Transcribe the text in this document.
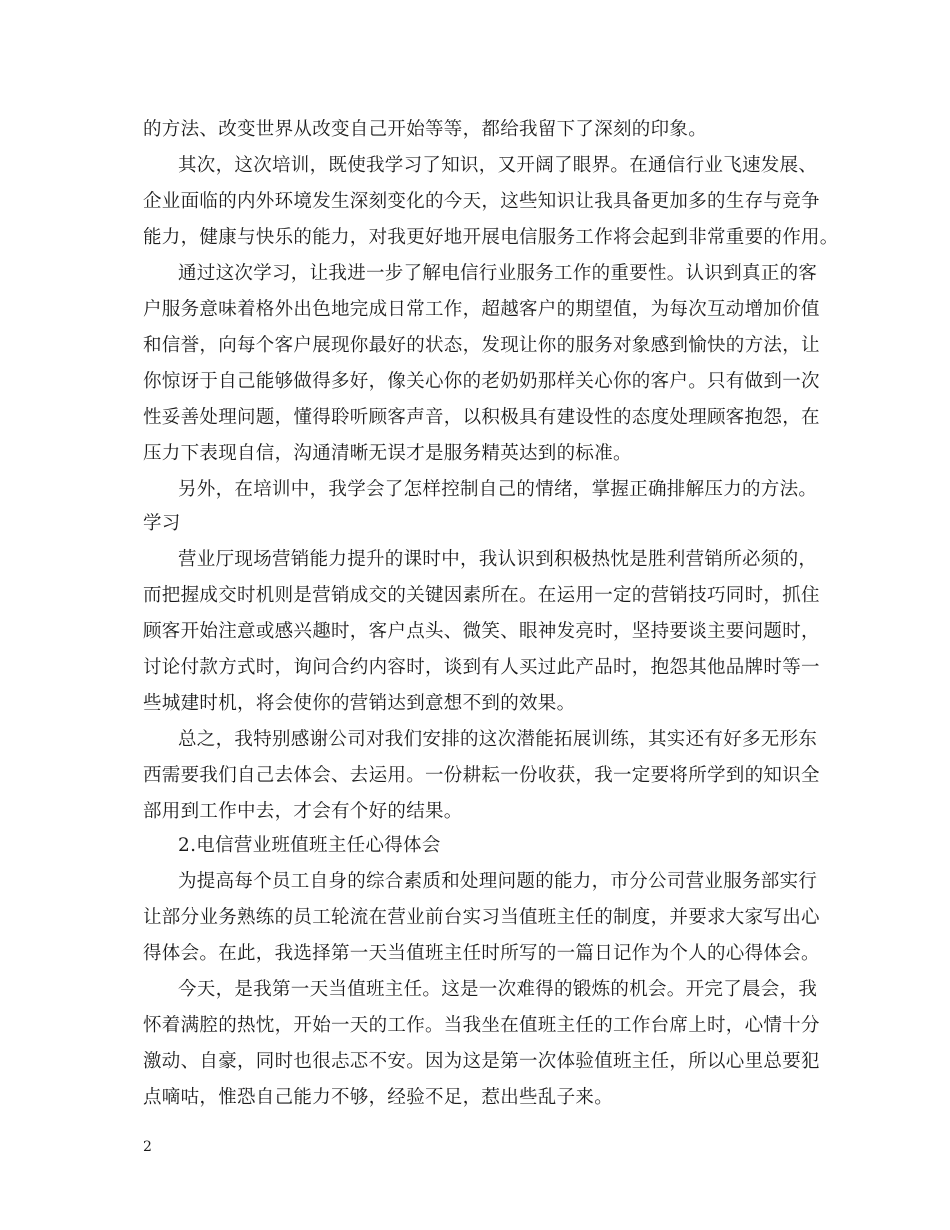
的方法、改变世界从改变自己开始等等，都给我留下了深刻的印象。
其次，这次培训，既使我学习了知识，又开阔了眼界。在通信行业飞速发展、
企业面临的内外环境发生深刻变化的今天，这些知识让我具备更加多的生存与竞争
能力，健康与快乐的能力，对我更好地开展电信服务工作将会起到非常重要的作用。
通过这次学习，让我进一步了解电信行业服务工作的重要性。认识到真正的客
户服务意味着格外出色地完成日常工作，超越客户的期望值，为每次互动增加价值
和信誉，向每个客户展现你最好的状态，发现让你的服务对象感到愉快的方法，让
你惊讶于自己能够做得多好，像关心你的老奶奶那样关心你的客户。只有做到一次
性妥善处理问题，懂得聆听顾客声音，以积极具有建设性的态度处理顾客抱怨，在
压力下表现自信，沟通清晰无误才是服务精英达到的标准。
另外，在培训中，我学会了怎样控制自己的情绪，掌握正确排解压力的方法。
学习
营业厅现场营销能力提升的课时中，我认识到积极热忱是胜利营销所必须的，
而把握成交时机则是营销成交的关键因素所在。在运用一定的营销技巧同时，抓住
顾客开始注意或感兴趣时，客户点头、微笑、眼神发亮时，坚持要谈主要问题时，
讨论付款方式时，询问合约内容时，谈到有人买过此产品时，抱怨其他品牌时等一
些城建时机，将会使你的营销达到意想不到的效果。
总之，我特别感谢公司对我们安排的这次潜能拓展训练，其实还有好多无形东
西需要我们自己去体会、去运用。一份耕耘一份收获，我一定要将所学到的知识全
部用到工作中去，才会有个好的结果。
2.电信营业班值班主任心得体会
为提高每个员工自身的综合素质和处理问题的能力，市分公司营业服务部实行
让部分业务熟练的员工轮流在营业前台实习当值班主任的制度，并要求大家写出心
得体会。在此，我选择第一天当值班主任时所写的一篇日记作为个人的心得体会。
今天，是我第一天当值班主任。这是一次难得的锻炼的机会。开完了晨会，我
怀着满腔的热忱，开始一天的工作。当我坐在值班主任的工作台席上时，心情十分
激动、自豪，同时也很忐忑不安。因为这是第一次体验值班主任，所以心里总要犯
点嘀咕，惟恐自己能力不够，经验不足，惹出些乱子来。
2
